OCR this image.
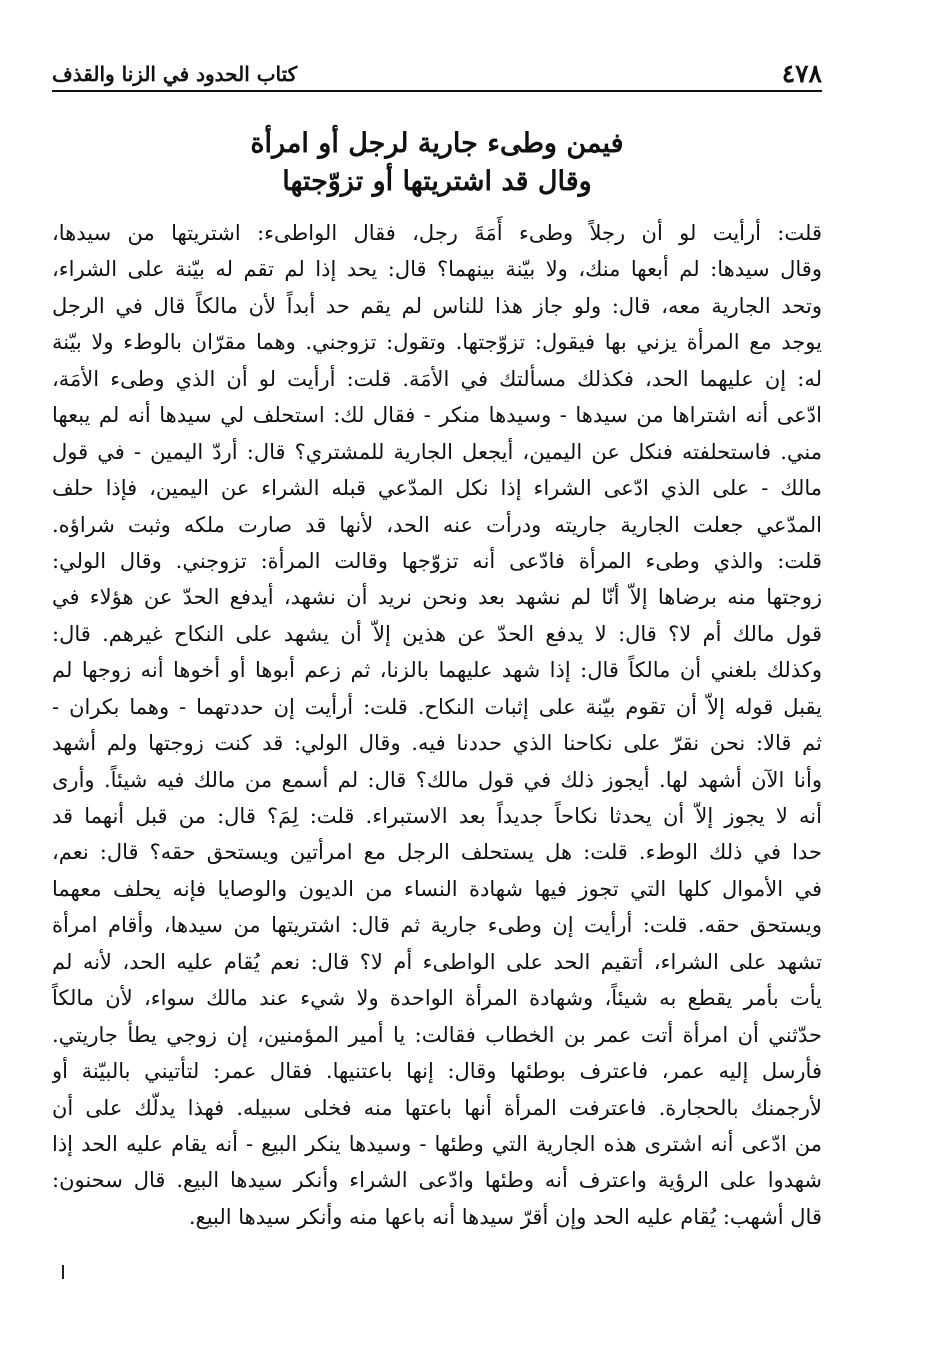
٤٧٨
كتاب الحدود في الزنا والقذف
فيمن وطىء جارية لرجل أو امرأة
وقال قد اشتريتها أو تزوّجتها
قلت: أرأيت لو أن رجلاً وطىء أَمَةَ رجل، فقال الواطىء: اشتريتها من سيدها،
وقال سيدها: لم أبعها منك، ولا بيّنة بينهما؟ قال: يحد إذا لم تقم له بيّنة على الشراء،
وتحد الجارية معه، قال: ولو جاز هذا للناس لم يقم حد أبداً لأن مالكاً قال في الرجل
يوجد مع المرأة يزني بها فيقول: تزوّجتها. وتقول: تزوجني. وهما مقرّان بالوطء ولا بيّنة
له: إن عليهما الحد، فكذلك مسألتك في الأمَة. قلت: أرأيت لو أن الذي وطىء الأمَة،
ادّعى أنه اشتراها من سيدها - وسيدها منكر - فقال لك: استحلف لي سيدها أنه لم يبعها
مني. فاستحلفته فنكل عن اليمين، أيجعل الجارية للمشتري؟ قال: أردّ اليمين - في قول
مالك - على الذي ادّعى الشراء إذا نكل المدّعي قبله الشراء عن اليمين، فإذا حلف
المدّعي جعلت الجارية جاريته ودرأت عنه الحد، لأنها قد صارت ملكه وثبت شراؤه.
قلت: والذي وطىء المرأة فادّعى أنه تزوّجها وقالت المرأة: تزوجني. وقال الولي:
زوجتها منه برضاها إلاّ أنّا لم نشهد بعد ونحن نريد أن نشهد، أيدفع الحدّ عن هؤلاء في
قول مالك أم لا؟ قال: لا يدفع الحدّ عن هذين إلاّ أن يشهد على النكاح غيرهم. قال:
وكذلك بلغني أن مالكاً قال: إذا شهد عليهما بالزنا، ثم زعم أبوها أو أخوها أنه زوجها لم
يقبل قوله إلاّ أن تقوم بيّنة على إثبات النكاح. قلت: أرأيت إن حددتهما - وهما بكران -
ثم قالا: نحن نقرّ على نكاحنا الذي حددنا فيه. وقال الولي: قد كنت زوجتها ولم أشهد
وأنا الآن أشهد لها. أيجوز ذلك في قول مالك؟ قال: لم أسمع من مالك فيه شيئاً. وأرى
أنه لا يجوز إلاّ أن يحدثا نكاحاً جديداً بعد الاستبراء. قلت: لِمَ؟ قال: من قبل أنهما قد
حدا في ذلك الوطء. قلت: هل يستحلف الرجل مع امرأتين ويستحق حقه؟ قال: نعم،
في الأموال كلها التي تجوز فيها شهادة النساء من الديون والوصايا فإنه يحلف معهما
ويستحق حقه. قلت: أرأيت إن وطىء جارية ثم قال: اشتريتها من سيدها، وأقام امرأة
تشهد على الشراء، أتقيم الحد على الواطىء أم لا؟ قال: نعم يُقام عليه الحد، لأنه لم
يأت بأمر يقطع به شيئاً، وشهادة المرأة الواحدة ولا شيء عند مالك سواء، لأن مالكاً
حدّثني أن امرأة أتت عمر بن الخطاب فقالت: يا أمير المؤمنين، إن زوجي يطأ جاريتي.
فأرسل إليه عمر، فاعترف بوطئها وقال: إنها باعتنيها. فقال عمر: لتأتيني بالبيّنة أو
لأرجمنك بالحجارة. فاعترفت المرأة أنها باعتها منه فخلى سبيله. فهذا يدلّك على أن
من ادّعى أنه اشترى هذه الجارية التي وطئها - وسيدها ينكر البيع - أنه يقام عليه الحد إذا
شهدوا على الرؤية واعترف أنه وطئها وادّعى الشراء وأنكر سيدها البيع. قال سحنون:
قال أشهب: يُقام عليه الحد وإن أقرّ سيدها أنه باعها منه وأنكر سيدها البيع.
